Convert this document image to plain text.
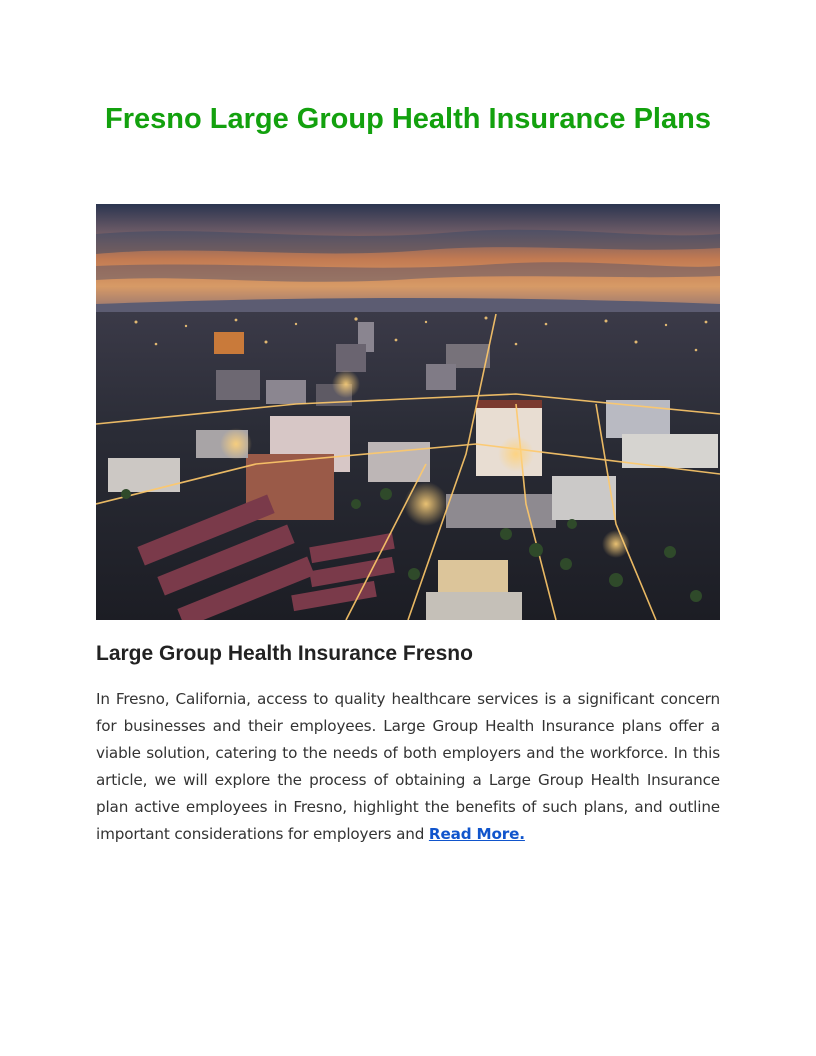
Fresno Large Group Health Insurance Plans
Large Group Health Insurance Fresno

In Fresno, California, access to quality healthcare services is a significant concern for businesses and their employees. Large Group Health Insurance plans offer a viable solution, catering to the needs of both employers and the workforce. In this article, we will explore the process of obtaining a Large Group Health Insurance plan active employees in Fresno, highlight the benefits of such plans, and outline important considerations for employers and Read More.
